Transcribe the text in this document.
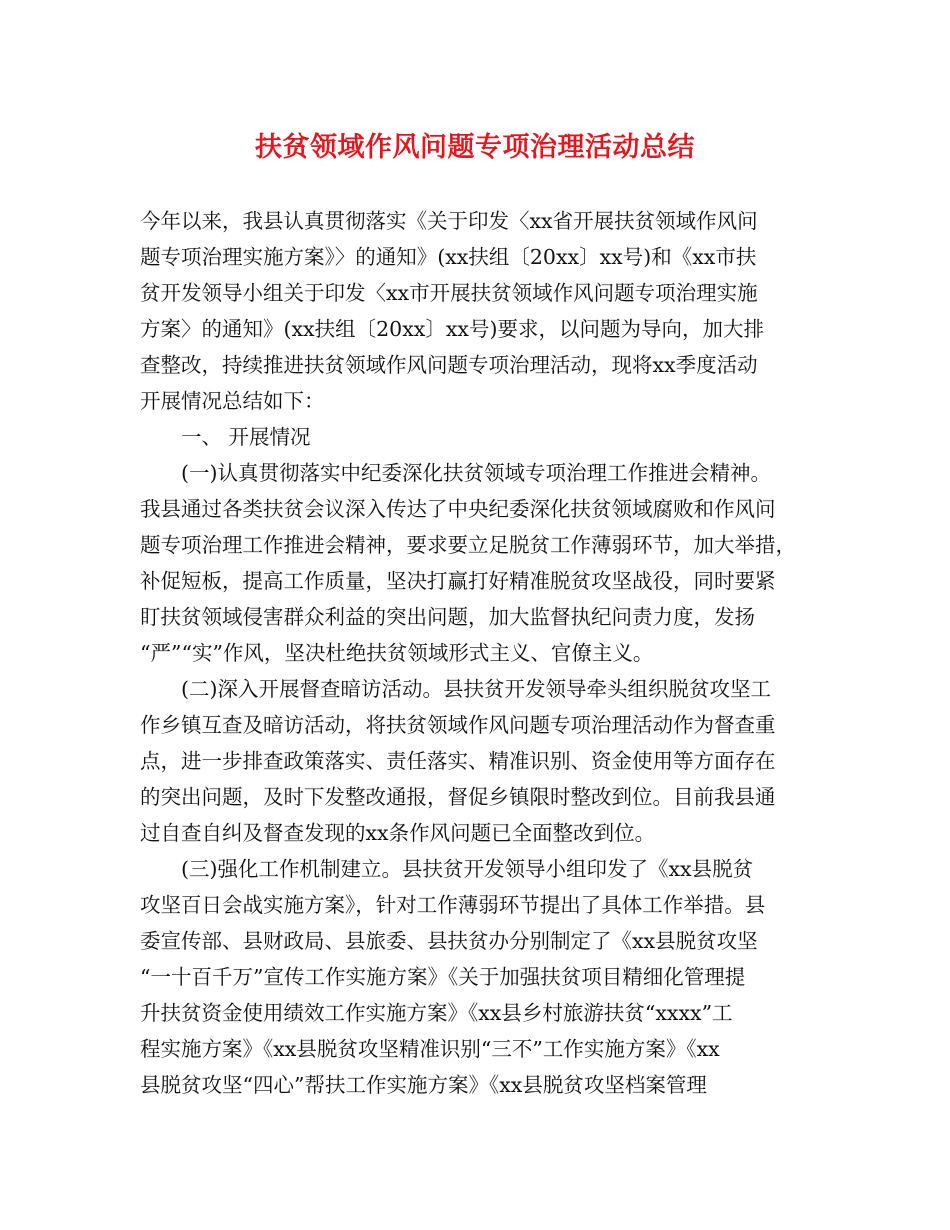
扶贫领域作风问题专项治理活动总结
今年以来，我县认真贯彻落实《关于印发〈xx省开展扶贫领域作风问
题专项治理实施方案》〉的通知》(xx扶组〔20xx〕xx号)和《xx市扶
贫开发领导小组关于印发〈xx市开展扶贫领域作风问题专项治理实施
方案〉的通知》(xx扶组〔20xx〕xx号)要求，以问题为导向，加大排
查整改，持续推进扶贫领域作风问题专项治理活动，现将xx季度活动
开展情况总结如下：
一、 开展情况
(一)认真贯彻落实中纪委深化扶贫领域专项治理工作推进会精神。
我县通过各类扶贫会议深入传达了中央纪委深化扶贫领域腐败和作风问
题专项治理工作推进会精神，要求要立足脱贫工作薄弱环节，加大举措，
补促短板，提高工作质量，坚决打赢打好精准脱贫攻坚战役，同时要紧
盯扶贫领域侵害群众利益的突出问题，加大监督执纪问责力度，发扬
“严”“实”作风，坚决杜绝扶贫领域形式主义、官僚主义。
(二)深入开展督查暗访活动。县扶贫开发领导牵头组织脱贫攻坚工
作乡镇互查及暗访活动，将扶贫领域作风问题专项治理活动作为督查重
点，进一步排查政策落实、责任落实、精准识别、资金使用等方面存在
的突出问题，及时下发整改通报，督促乡镇限时整改到位。目前我县通
过自查自纠及督查发现的xx条作风问题已全面整改到位。
(三)强化工作机制建立。县扶贫开发领导小组印发了《xx县脱贫
攻坚百日会战实施方案》，针对工作薄弱环节提出了具体工作举措。县
委宣传部、县财政局、县旅委、县扶贫办分别制定了《xx县脱贫攻坚
“一十百千万”宣传工作实施方案》《关于加强扶贫项目精细化管理提
升扶贫资金使用绩效工作实施方案》《xx县乡村旅游扶贫“xxxx”工
程实施方案》《xx县脱贫攻坚精准识别“三不”工作实施方案》《xx
县脱贫攻坚“四心”帮扶工作实施方案》《xx县脱贫攻坚档案管理
